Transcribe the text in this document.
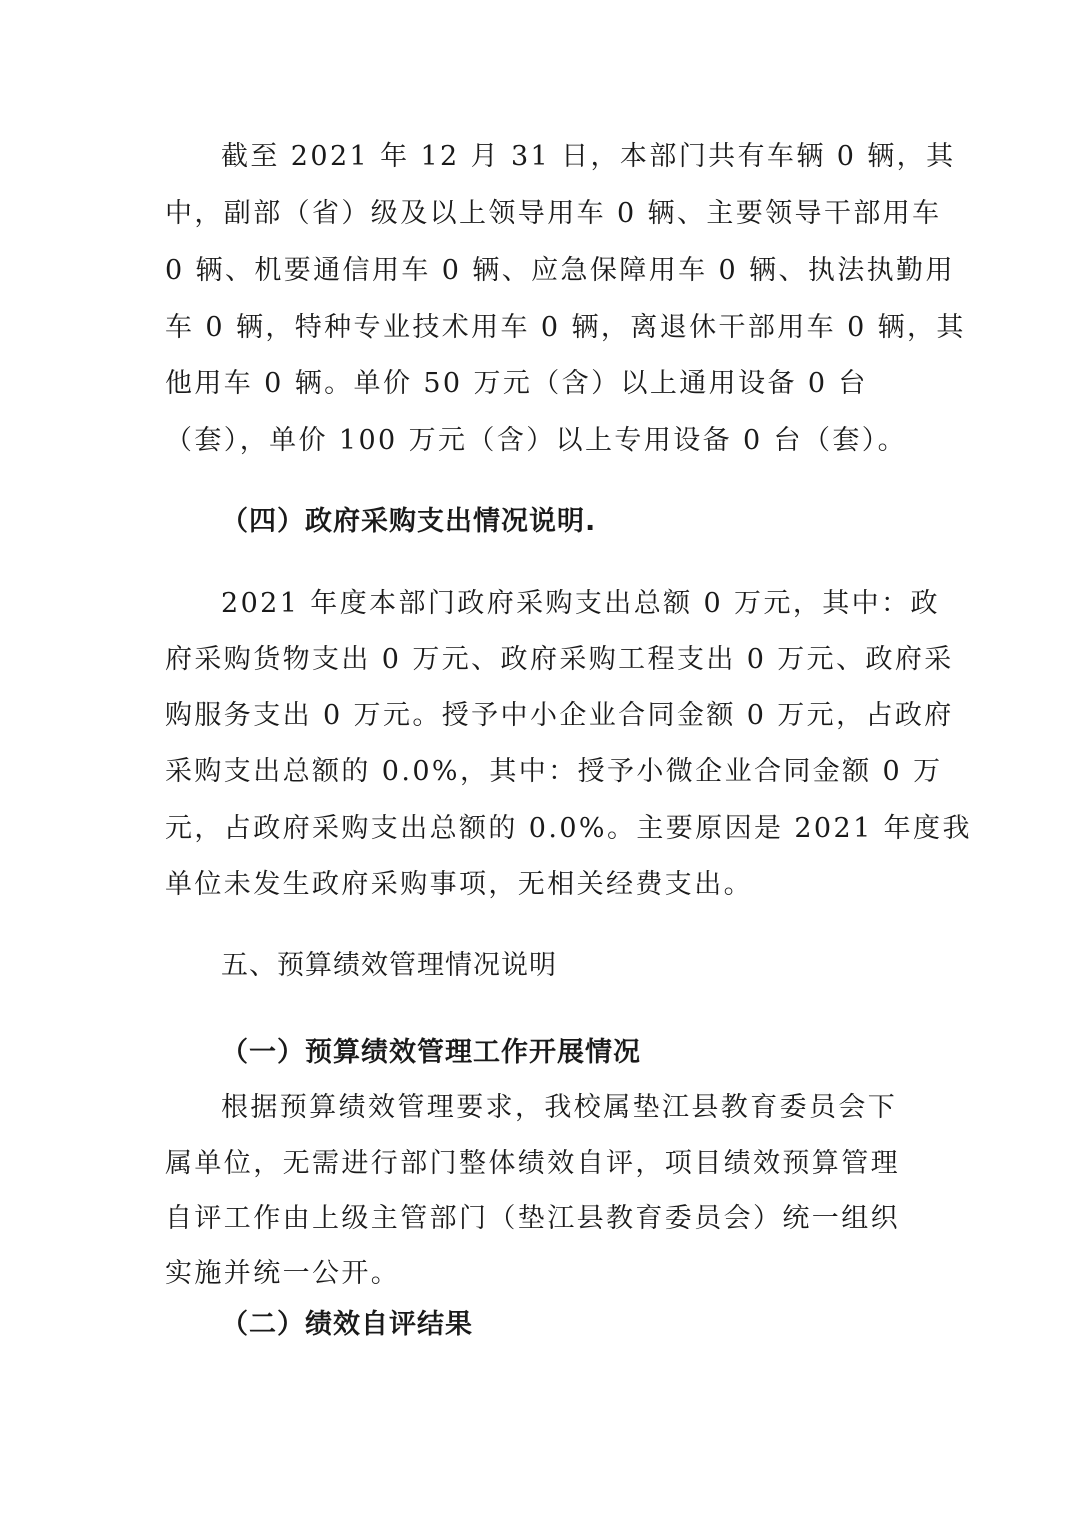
截至 2021 年 12 月 31 日，本部门共有车辆 0 辆，其
中，副部（省）级及以上领导用车 0 辆、主要领导干部用车
0 辆、机要通信用车 0 辆、应急保障用车 0 辆、执法执勤用
车 0 辆，特种专业技术用车 0 辆，离退休干部用车 0 辆，其
他用车 0 辆。单价 50 万元（含）以上通用设备 0 台
（套），单价 100 万元（含）以上专用设备 0 台（套）。
（四）政府采购支出情况说明.
2021 年度本部门政府采购支出总额 0 万元，其中：政
府采购货物支出 0 万元、政府采购工程支出 0 万元、政府采
购服务支出 0 万元。授予中小企业合同金额 0 万元，占政府
采购支出总额的 0.0%，其中：授予小微企业合同金额 0 万
元，占政府采购支出总额的 0.0%。主要原因是 2021 年度我
单位未发生政府采购事项，无相关经费支出。
五、预算绩效管理情况说明
（一）预算绩效管理工作开展情况
根据预算绩效管理要求，我校属垫江县教育委员会下
属单位，无需进行部门整体绩效自评，项目绩效预算管理
自评工作由上级主管部门（垫江县教育委员会）统一组织
实施并统一公开。
（二）绩效自评结果
